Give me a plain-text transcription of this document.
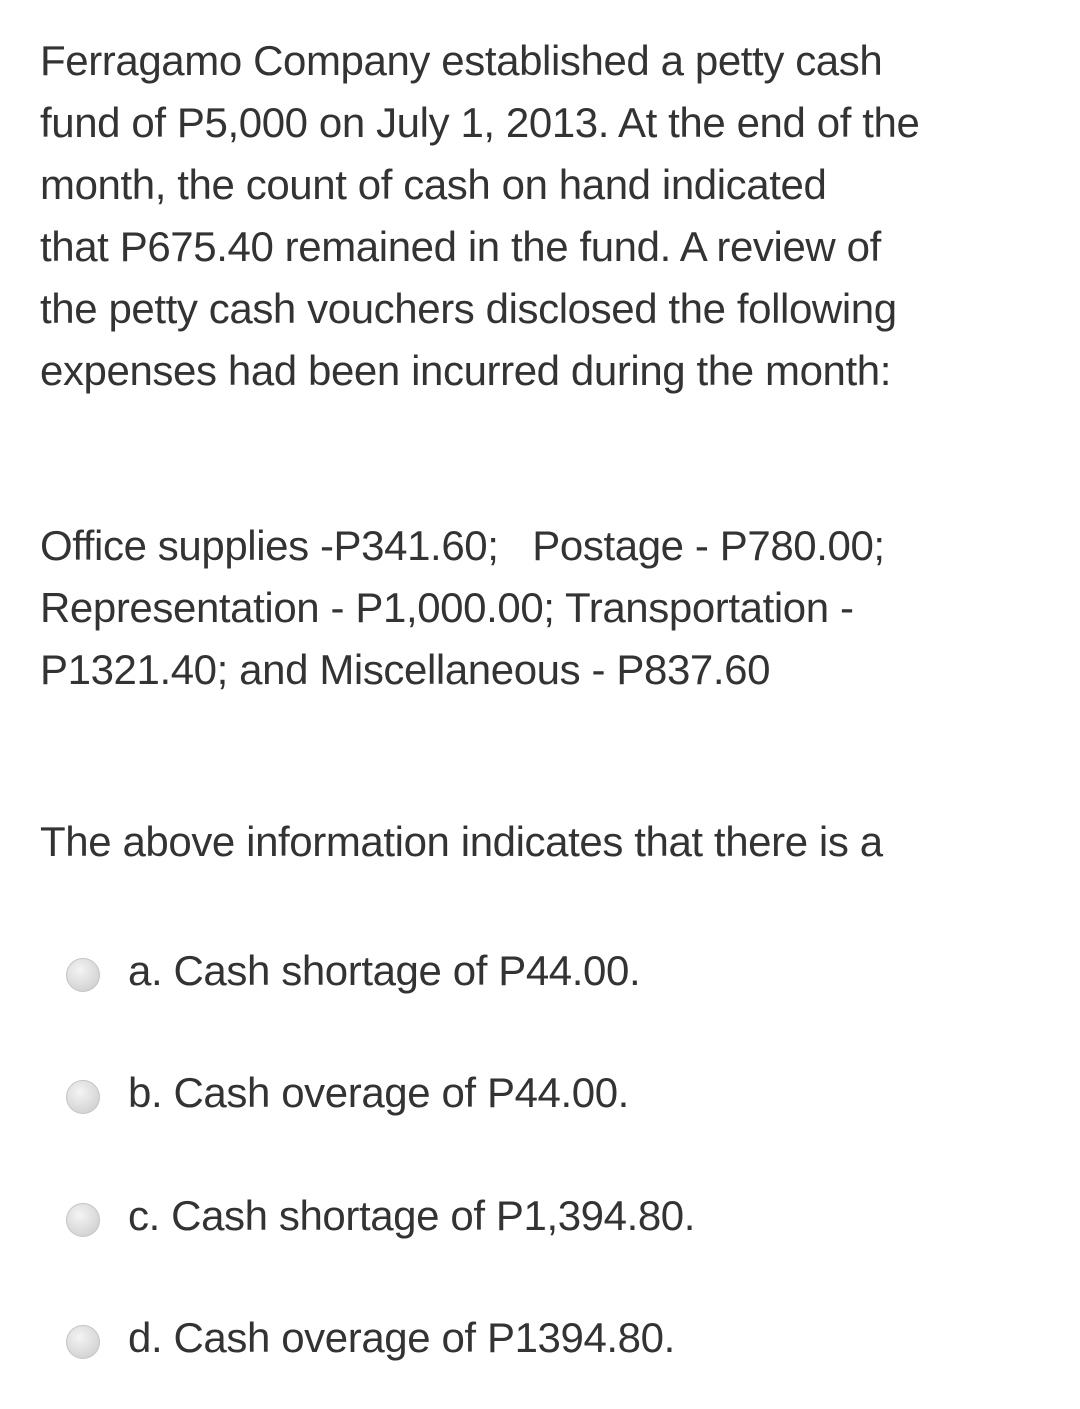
Ferragamo Company established a petty cash

fund of P5,000 on July 1, 2013. At the end of the

month, the count of cash on hand indicated

that P675.40 remained in the fund. A review of

the petty cash vouchers disclosed the following

expenses had been incurred during the month:

Office supplies -P341.60;   Postage - P780.00;
Representation - P1,000.00; Transportation -
P1321.40; and Miscellaneous - P837.60

The above information indicates that there is a

a. Cash shortage of P44.00.
b. Cash overage of P44.00.
c. Cash shortage of P1,394.80.
d. Cash overage of P1394.80.
